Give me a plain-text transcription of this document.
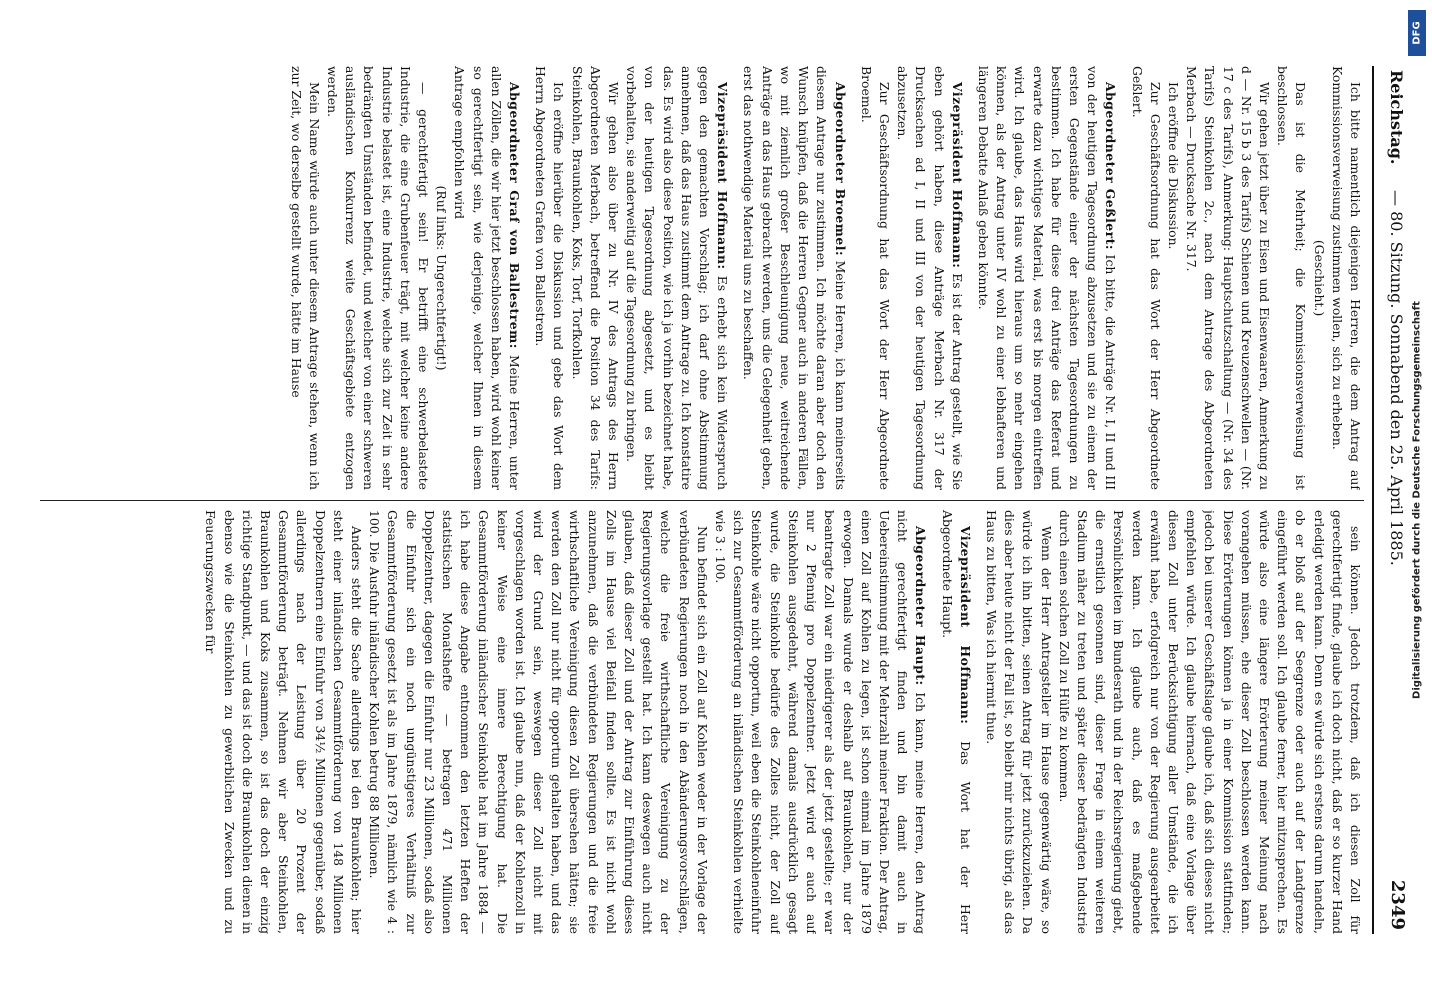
Reichstag.
— 80. Sitzung. Sonnabend den 25. April 1885.
2349

Ich bitte namentlich diejenigen Herren, die dem Antrag auf Kommissionsverweisung zustimmen wollen, sich zu erheben.

(Geschieht.)

Das ist die Mehrheit; die Kommissionsverweisung ist beschlossen.

Wir gehen jetzt über zu Eisen und Eisenwaaren, Anmerkung zu d — Nr. 15 b 3 des Tarifs) Schienen und Kreuzenschwellen — (Nr. 17 c des Tarifs), Anmerkung: Hauptschutzschaltung — (Nr. 34 des Tarifs) Steinkohlen 2c., nach dem Antrage des Abgeordneten Merbach — Drucksache Nr. 317.

Ich eröffne die Diskussion.

Zur Geschäftsordnung hat das Wort der Herr Abgeordnete Geßlert.

Abgeordneter Geßlert: Ich bitte, die Anträge Nr. I, II und III von der heutigen Tagesordnung abzusetzen und sie zu einem der ersten Gegenstände einer der nächsten Tagesordnungen zu bestimmen. Ich habe für diese drei Anträge das Referat und erwarte dazu wichtiges Material, was erst bis morgen eintreffen wird. Ich glaube, das Haus wird hieraus um so mehr eingehen können, als der Antrag unter IV wohl zu einer lebhafteren und längeren Debatte Anlaß geben könnte.

Vizepräsident Hoffmann: Es ist der Antrag gestellt, wie Sie eben gehört haben, diese Anträge Merbach Nr. 317 der Drucksachen ad I, II und III von der heutigen Tagesordnung abzusetzen.

Zur Geschäftsordnung hat das Wort der Herr Abgeordnete Broemel.

Abgeordneter Broemel: Meine Herren, ich kann meinerseits diesem Antrage nur zustimmen. Ich möchte daran aber doch den Wunsch knüpfen, daß die Herren Gegner auch in anderen Fällen, wo mit ziemlich großer Beschleunigung neue, weitreichende Anträge an das Haus gebracht werden, uns die Gelegenheit geben, erst das nothwendige Material uns zu beschaffen.

Vizepräsident Hoffmann: Es erhebt sich kein Widerspruch gegen den gemachten Vorschlag; ich darf ohne Abstimmung annehmen, daß das Haus zustimmt dem Antrage zu. Ich konstatire das. Es wird also diese Position, wie ich ja vorhin bezeichnet habe, von der heutigen Tagesordnung abgesetzt, und es bleibt vorbehalten, sie anderweitig auf die Tagesordnung zu bringen.

Wir gehen also über zu Nr. IV des Antrags des Herrn Abgeordneten Merbach, betreffend die Position 34 des Tarifs: Steinkohlen, Braunkohlen, Koks, Torf, Torfkohlen.

Ich eröffne hierüber die Diskussion und gebe das Wort dem Herrn Abgeordneten Grafen von Ballestrem.

Abgeordneter Graf von Ballestrem: Meine Herren, unter allen Zöllen, die wir hier jetzt beschlossen haben, wird wohl keiner so gerechtfertigt sein, wie derjenige, welcher Ihnen in diesem Antrage empfohlen wird

(Ruf links: Ungerechtfertigt!)

— gerechtfertigt sein! Er betrifft eine schwerbelastete Industrie, die eine Grubenfeuer trägt, mit welcher keine andere Industrie belastet ist, eine Industrie, welche sich zur Zeit in sehr bedrängten Umständen befindet, und welcher von einer schweren ausländischen Konkurrenz weite Geschäftsgebiete entzogen werden.

Mein Name würde auch unter diesem Antrage stehen, wenn ich zur Zeit, wo derselbe gestellt wurde, hätte im Hause

sein können. Jedoch trotzdem, daß ich diesen Zoll für gerechtfertigt finde, glaube ich doch nicht, daß er so kurzer Hand erledigt werden kann. Denn es würde sich erstens darum handeln, ob er bloß auf der Seegrenze oder auch auf der Landgrenze eingeführt werden soll. Ich glaube ferner, hier mitzusprechen. Es würde also eine längere Erörterung meiner Meinung nach vorangehen müssen, ehe dieser Zoll beschlossen werden kann. Diese Erörterungen können ja in einer Kommission stattfinden; jedoch bei unserer Geschäftslage glaube ich, daß sich dieses nicht empfehlen würde. Ich glaube hiernach, daß eine Vorlage über diesen Zoll unter Berücksichtigung aller Umstände, die ich erwähnt habe, erfolgreich nur von der Regierung ausgearbeitet werden kann. Ich glaube auch, daß es maßgebende Persönlichkeiten im Bundesrath und in der Reichsregierung giebt, die ernstlich gesonnen sind, dieser Frage in einem weiteren Stadium näher zu treten und später dieser bedrängten Industrie durch einen solchen Zoll zu Hülfe zu kommen.

Wenn der Herr Antragsteller im Hause gegenwärtig wäre, so würde ich ihn bitten, seinen Antrag für jetzt zurückzuziehen. Da dies aber heute nicht der Fall ist, so bleibt mir nichts übrig, als das Haus zu bitten, Was ich hiermit thue.

Vizepräsident Hoffmann: Das Wort hat der Herr Abgeordnete Haupt.

Abgeordneter Haupt: Ich kann, meine Herren, den Antrag nicht gerechtfertigt finden und bin damit auch in Uebereinstimmung mit der Mehrzahl meiner Fraktion. Der Antrag, einen Zoll auf Kohlen zu legen, ist schon einmal im Jahre 1879 erwogen. Damals wurde er deshalb auf Braunkohlen, nur der beantragte Zoll war ein niedrigerer als der jetzt gestellte; er war nur 2 Pfennig pro Doppelzentner. Jetzt wird er auch auf Steinkohlen ausgedehnt, während damals ausdrücklich gesagt wurde, die Steinkohle bedürfe des Zolles nicht, der Zoll auf Steinkohle wäre nicht opportun, weil eben die Steinkohleneinfuhr sich zur Gesammtförderung an inländischen Steinkohlen verhielte wie 3 : 100.

Nun befindet sich ein Zoll auf Kohlen weder in der Vorlage der verbündeten Regierungen noch in den Abänderungsvorschlägen, welche die freie wirthschaftliche Vereinigung zu der Regierungsvorlage gestellt hat. Ich kann deswegen auch nicht glauben, daß dieser Zoll und der Antrag zur Einführung dieses Zolls im Hause viel Beifall finden sollte. Es ist nicht wohl anzunehmen, daß die verbündeten Regierungen und die freie wirthschaftliche Vereinigung diesen Zoll übersehen hätten; sie werden den Zoll nur nicht für opportun gehalten haben, und das wird der Grund sein, weswegen dieser Zoll nicht mit vorgeschlagen worden ist. Ich glaube nun, daß der Kohlenzoll in keiner Weise eine innere Berechtigung hat. Die Gesammtförderung inländischer Steinkohle hat im Jahre 1884 — ich habe diese Angabe entnommen den letzten Heften der statistischen Monatshefte — betragen 471 Millionen Doppelzentner, dagegen die Einfuhr nur 23 Millionen, sodaß also die Einfuhr sich ein noch ungünstigeres Verhältniß zur Gesammtförderung gesetzt ist als im Jahre 1879, nämlich wie 4 : 100. Die Ausfuhr inländischer Kohlen betrug 88 Millionen.

Anders steht die Sache allerdings bei den Braunkohlen; hier steht einer inländischen Gesammtförderung von 148 Millionen Doppelzentnern eine Einfuhr von 34½ Millionen gegenüber, sodaß allerdings nach der Leistung über 20 Prozent der Gesammtförderung beträgt. Nehmen wir aber Steinkohlen, Braunkohlen und Koks zusammen, so ist das doch der einzig richtige Standpunkt, — und das ist doch die Braunkohlen dienen in ebenso wie die Steinkohlen zu gewerblichen Zwecken und zu Feuerungszwecken für

DFG
Digitalisierung gefördert durch die Deutsche Forschungsgemeinschaft
